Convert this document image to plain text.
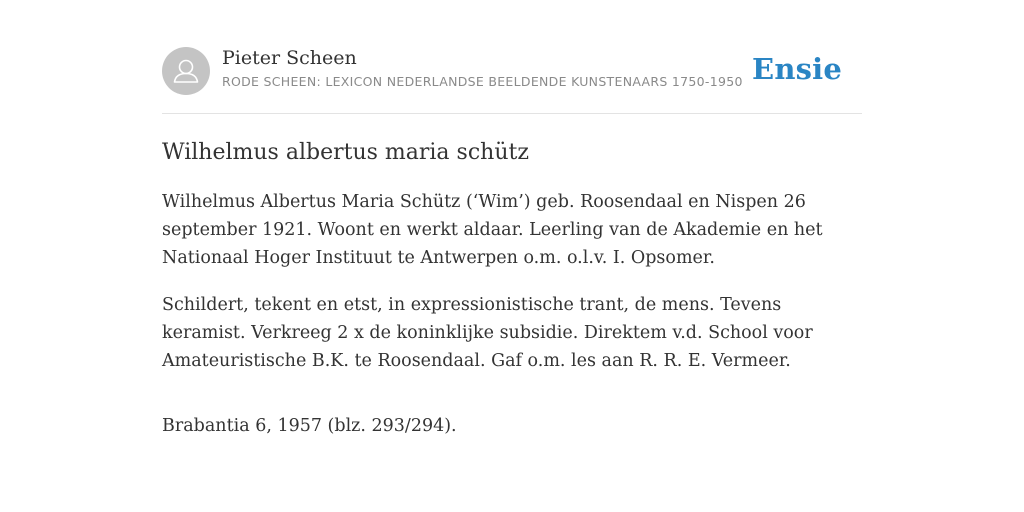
Pieter Scheen
RODE SCHEEN: LEXICON NEDERLANDSE BEELDENDE KUNSTENAARS 1750-1950 Ensie
Wilhelmus albertus maria schütz

Wilhelmus Albertus Maria Schütz (‘Wim’) geb. Roosendaal en Nispen 26 september 1921. Woont en werkt aldaar. Leerling van de Akademie en het Nationaal Hoger Instituut te Antwerpen o.m. o.l.v. I. Opsomer.

Schildert, tekent en etst, in expressionistische trant, de mens. Tevens keramist. Verkreeg 2 x de koninklijke subsidie. Direktem v.d. School voor Amateuristische B.K. te Roosendaal. Gaf o.m. les aan R. R. E. Vermeer.

Brabantia 6, 1957 (blz. 293/294).
